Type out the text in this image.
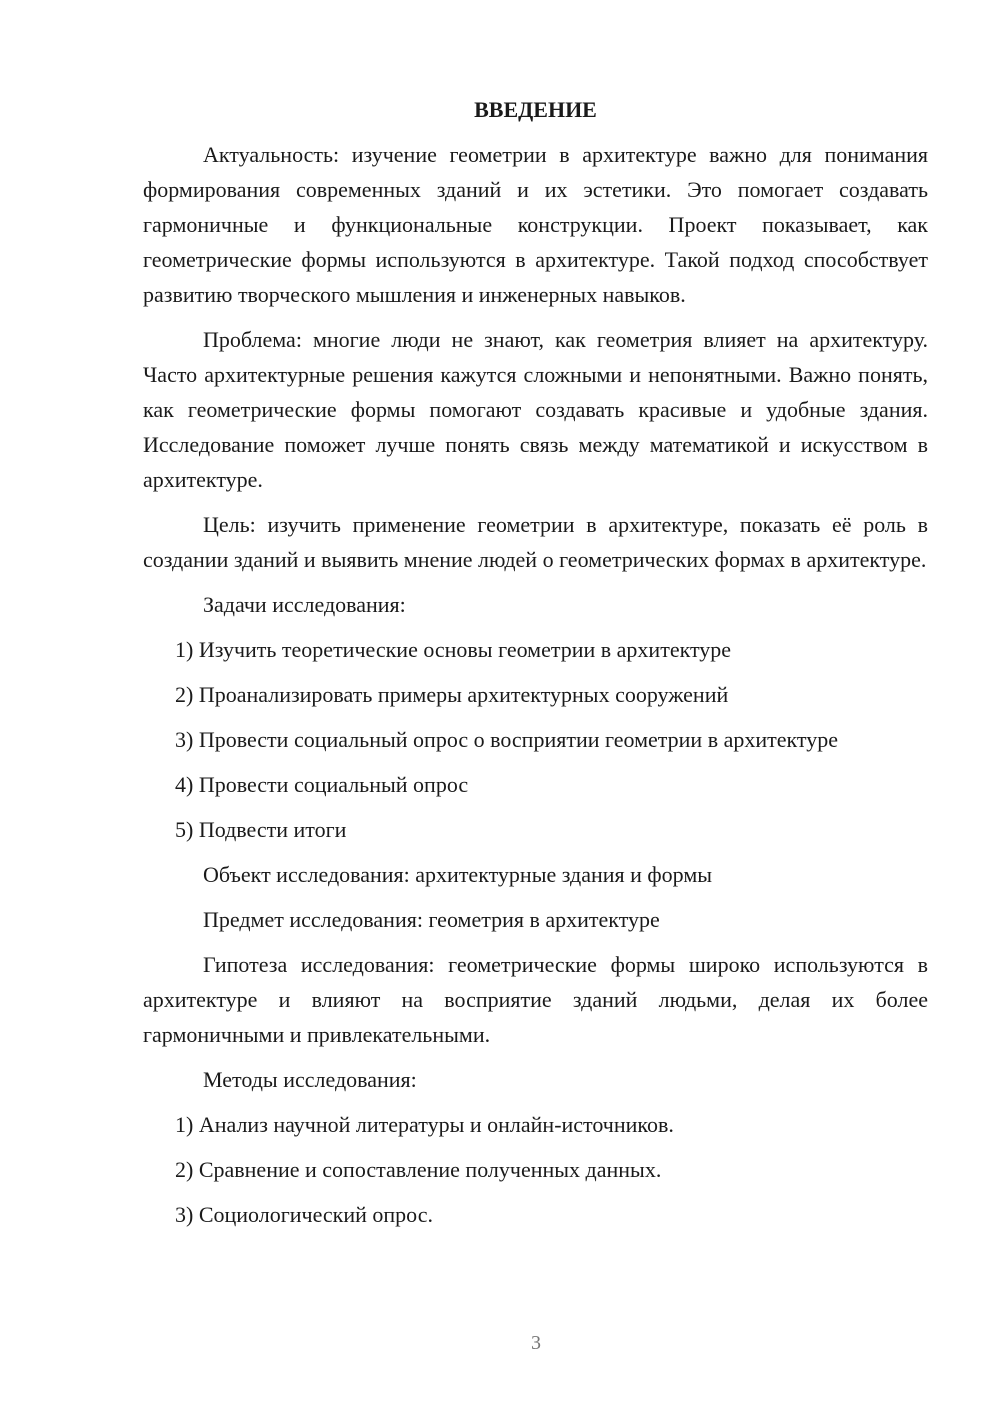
ВВЕДЕНИЕ

Актуальность: изучение геометрии в архитектуре важно для понимания формирования современных зданий и их эстетики. Это помогает создавать гармоничные и функциональные конструкции. Проект показывает, как геометрические формы используются в архитектуре. Такой подход способствует развитию творческого мышления и инженерных навыков.

Проблема: многие люди не знают, как геометрия влияет на архитектуру. Часто архитектурные решения кажутся сложными и непонятными. Важно понять, как геометрические формы помогают создавать красивые и удобные здания. Исследование поможет лучше понять связь между математикой и искусством в архитектуре.

Цель: изучить применение геометрии в архитектуре, показать её роль в создании зданий и выявить мнение людей о геометрических формах в архитектуре.

Задачи исследования:
1) Изучить теоретические основы геометрии в архитектуре
2) Проанализировать примеры архитектурных сооружений
3) Провести социальный опрос о восприятии геометрии в архитектуре
4) Провести социальный опрос
5) Подвести итоги
Объект исследования: архитектурные здания и формы
Предмет исследования: геометрия в архитектуре

Гипотеза исследования: геометрические формы широко используются в архитектуре и влияют на восприятие зданий людьми, делая их более гармоничными и привлекательными.

Методы исследования:
1) Анализ научной литературы и онлайн-источников.
2) Сравнение и сопоставление полученных данных.
3) Социологический опрос.
3
